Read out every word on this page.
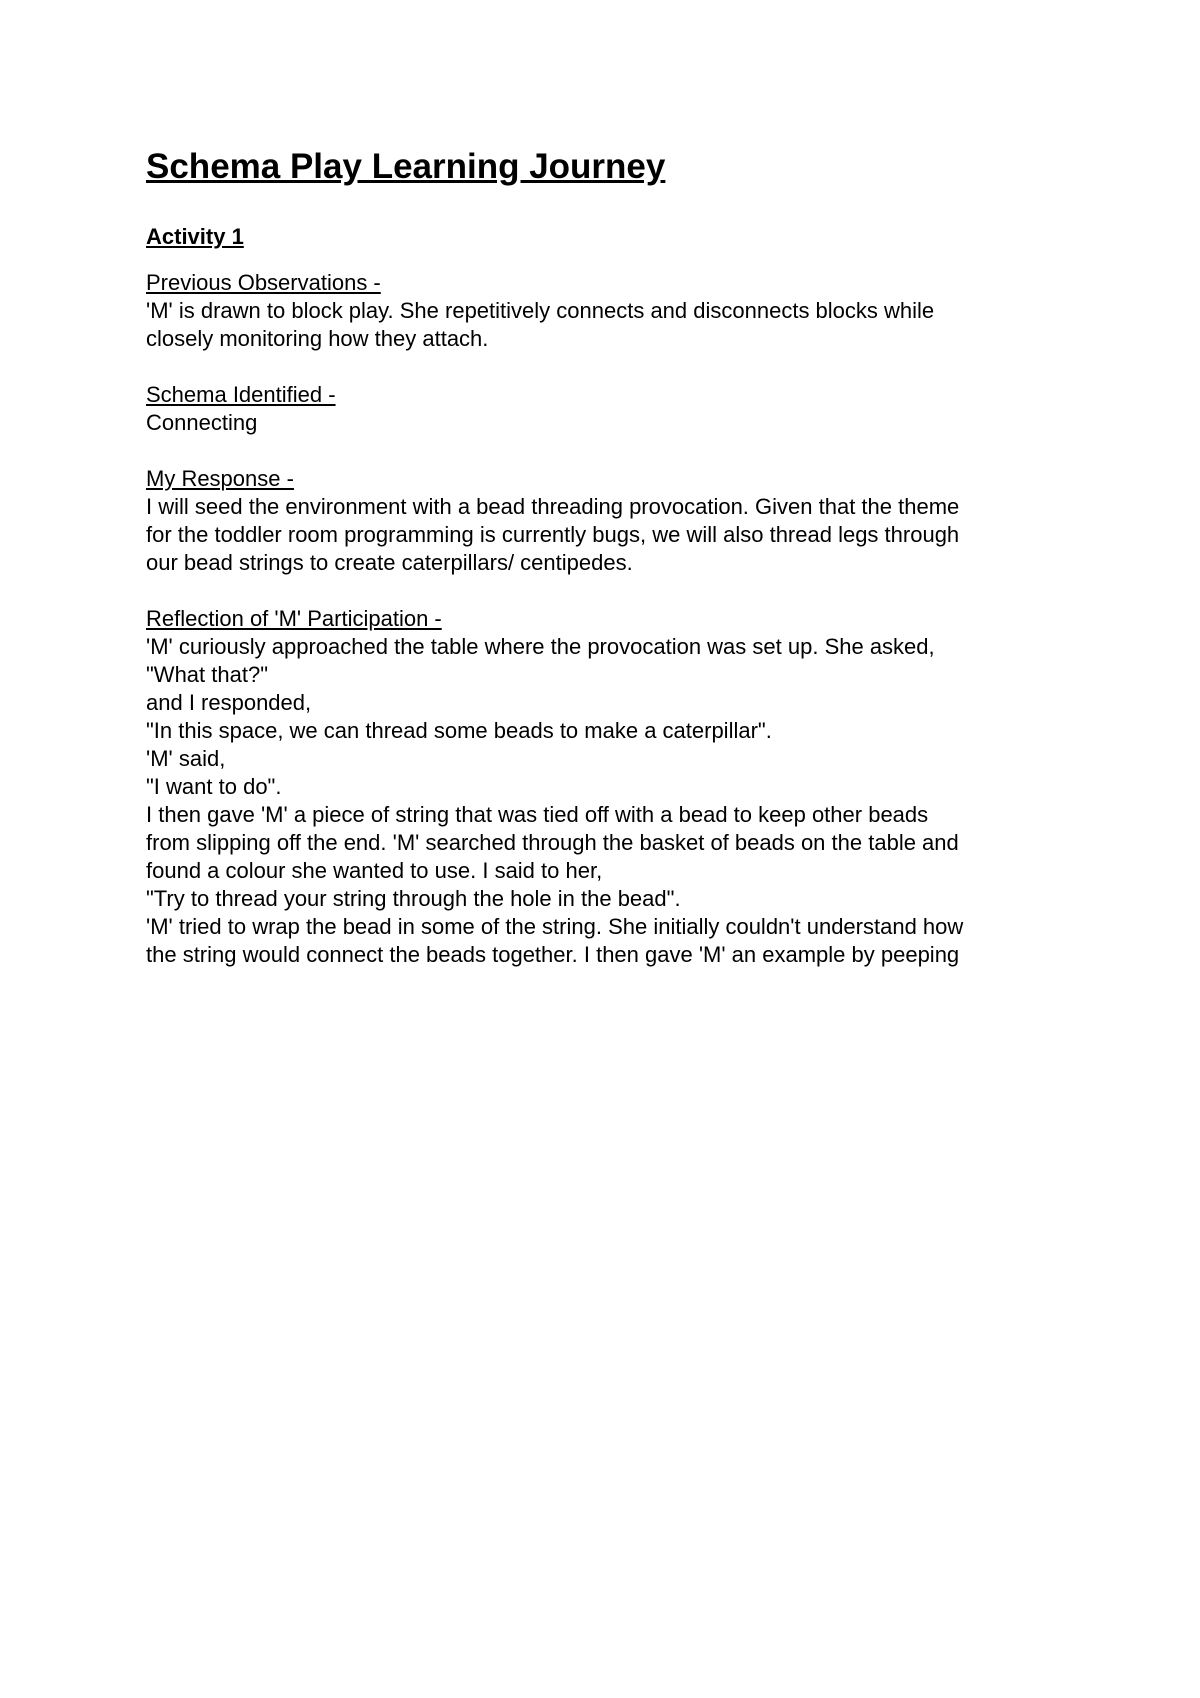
Schema Play Learning Journey
Activity 1
Previous Observations -
'M' is drawn to block play. She repetitively connects and disconnects blocks while
closely monitoring how they attach.
Schema Identified -
Connecting
My Response -
I will seed the environment with a bead threading provocation. Given that the theme
for the toddler room programming is currently bugs, we will also thread legs through
our bead strings to create caterpillars/ centipedes.
Reflection of 'M' Participation -
'M' curiously approached the table where the provocation was set up. She asked,
"What that?"
and I responded,
"In this space, we can thread some beads to make a caterpillar".
'M' said,
"I want to do".
I then gave 'M' a piece of string that was tied off with a bead to keep other beads
from slipping off the end. 'M' searched through the basket of beads on the table and
found a colour she wanted to use. I said to her,
"Try to thread your string through the hole in the bead".
'M' tried to wrap the bead in some of the string. She initially couldn't understand how
the string would connect the beads together. I then gave 'M' an example by peeping
